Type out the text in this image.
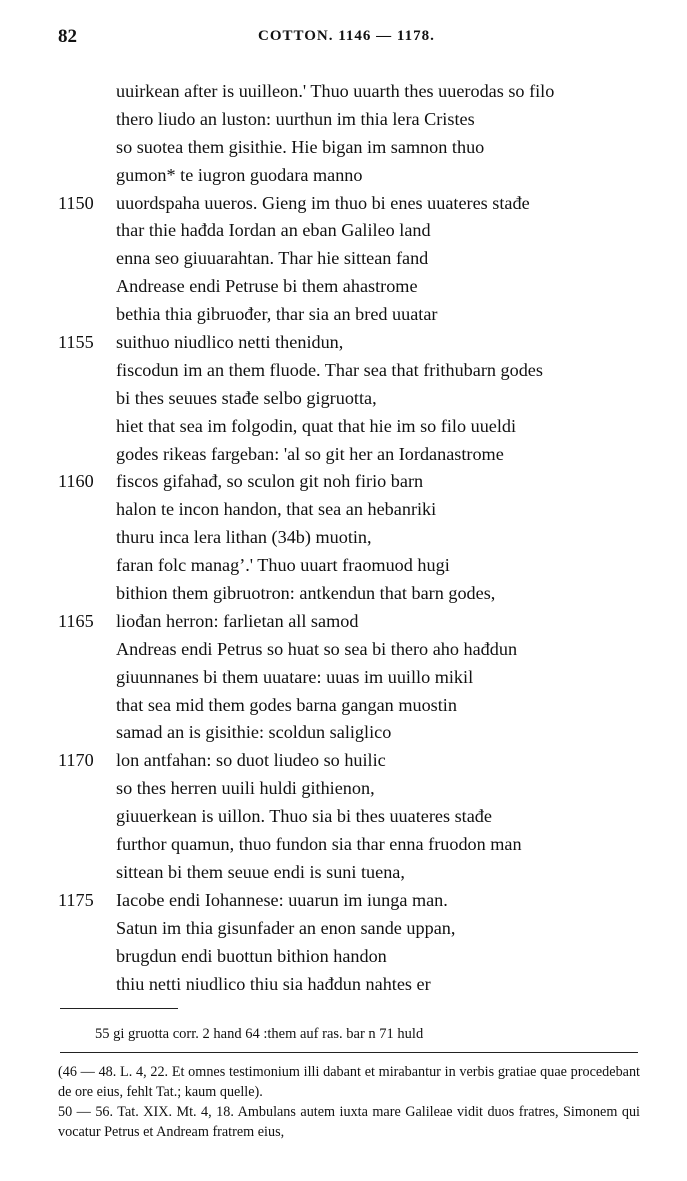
82	COTTON. 1146 — 1178.
uuirkean after is uuilleon.' Thuo uuarth thes uuerodas so filo
thero liudo an luston: uurthun im thia lera Cristes
so suotea them gisithie. Hie bigan im samnon thuo
gumon* te iugron guodara manno
1150 uuordspaha uueros. Gieng im thuo bi enes uuateres stađe
thar thie hađda Iordan an eban Galileo land
enna seo giuuarahtan. Thar hie sittean fand
Andrease endi Petruse bi them ahastrome
bethia thia gibruođer, thar sia an bred uuatar
1155 suithuo niudlico netti thenidun,
fiscodun im an them fluode. Thar sea that frithubarn godes
bi thes seuues stađe selbo gigruotta,
hiet that sea im folgodin, quat that hie im so filo uueldi
godes rikeas fargeban: 'al so git her an Iordanastrome
1160 fiscos gifahađ, so sculon git noh firio barn
halon te incon handon, that sea an hebanriki
thuru inca lera lithan (34b) muotin,
faran folc managʼ.' Thuo uuart fraomuod hugi
bithion them gibruotron: antkendun that barn godes,
1165 liođan herron: farlietan all samod
Andreas endi Petrus so huat so sea bi thero aho hađdun
giuunnanes bi them uuatare: uuas im uuillo mikil
that sea mid them godes barna gangan muostin
samad an is gisithie: scoldun saliglico
1170 lon antfahan: so duot liudeo so huilic
so thes herren uuili huldi githienon,
giuuerkean is uillon. Thuo sia bi thes uuateres stađe
furthor quamun, thuo fundon sia thar enna fruodon man
sittean bi them seuue endi is suni tuena,
1175 Iacobe endi Iohannese: uuarun im iunga man.
Satun im thia gisunfader an enon sande uppan,
brugdun endi buottun bithion handon
thiu netti niudlico thiu sia hađdun nahtes er
55 gi gruotta corr. 2 hand 64 :them auf ras. bar n 71 huld

(46 — 48. L. 4, 22. Et omnes testimonium illi dabant et mirabantur in verbis gratiae quae procedebant de ore eius, fehlt Tat.; kaum quelle).

50 — 56. Tat. XIX. Mt. 4, 18. Ambulans autem iuxta mare Galileae vidit duos fratres, Simonem qui vocatur Petrus et Andream fratrem eius,
